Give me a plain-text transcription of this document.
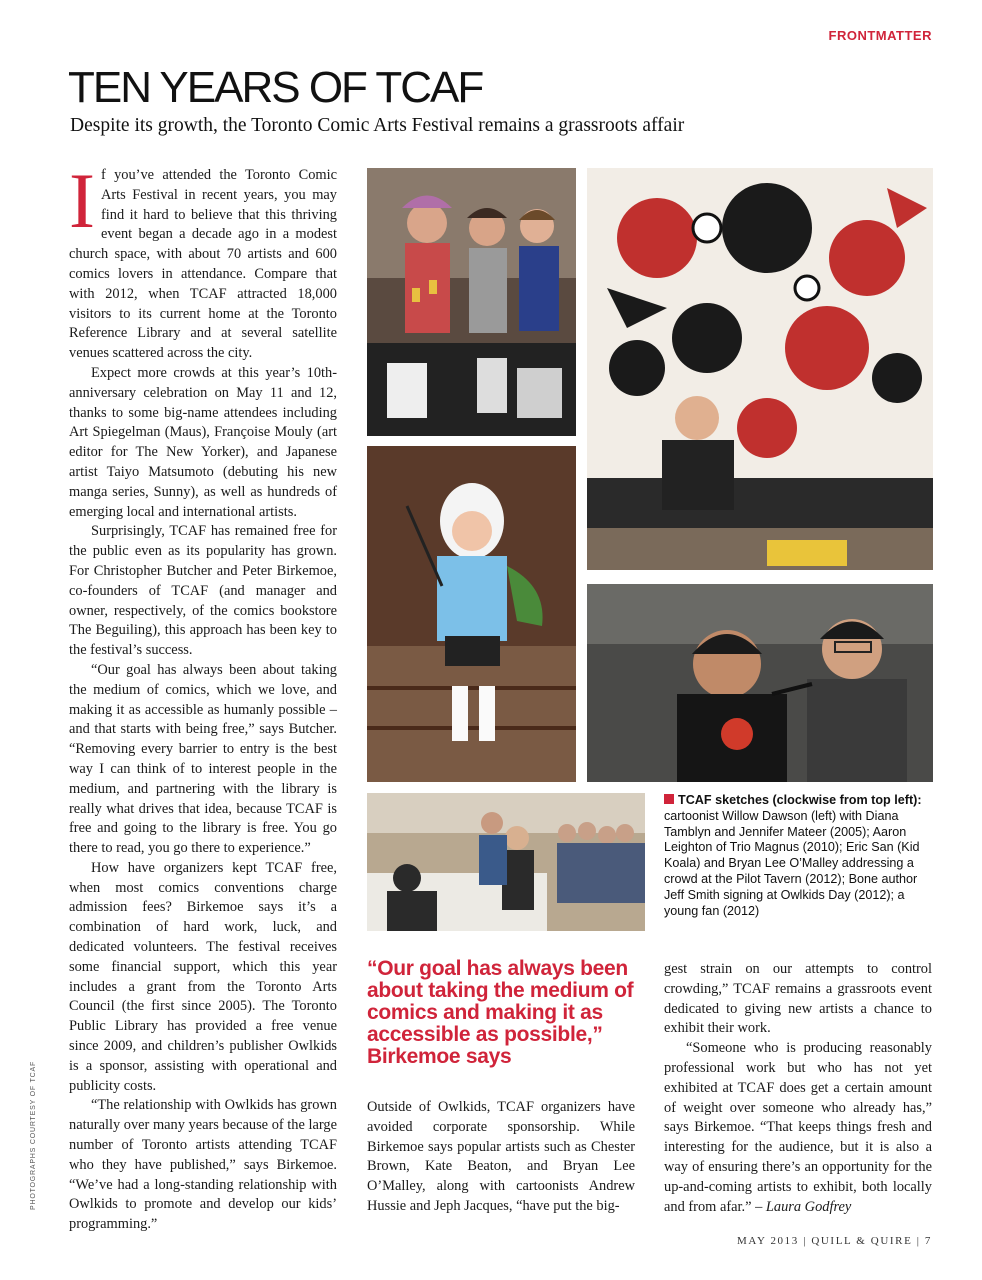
FRONTMATTER
TEN YEARS OF TCAF

Despite its growth, the Toronto Comic Arts Festival remains a grassroots affair

If you’ve attended the Toronto Comic Arts Festival in recent years, you may find it hard to believe that this thriving event began a decade ago in a modest church space, with about 70 artists and 600 comics lovers in attendance. Compare that with 2012, when TCAF attracted 18,000 visitors to its current home at the Toronto Reference Library and at several satellite venues scattered across the city.

Expect more crowds at this year’s 10th-anniversary celebration on May 11 and 12, thanks to some big-name attendees including Art Spiegelman (Maus), Françoise Mouly (art editor for The New Yorker), and Japanese artist Taiyo Matsumoto (debuting his new manga series, Sunny), as well as hundreds of emerging local and international artists.

Surprisingly, TCAF has remained free for the public even as its popularity has grown. For Christopher Butcher and Peter Birkemoe, co-founders of TCAF (and manager and owner, respectively, of the comics bookstore The Beguiling), this approach has been key to the festival’s success.

“Our goal has always been about taking the medium of comics, which we love, and making it as accessible as humanly possible – and that starts with being free,” says Butcher. “Removing every barrier to entry is the best way I can think of to interest people in the medium, and partnering with the library is really what drives that idea, because TCAF is free and going to the library is free. You go there to read, you go there to experience.”

How have organizers kept TCAF free, when most comics conventions charge admission fees? Birkemoe says it’s a combination of hard work, luck, and dedicated volunteers. The festival receives some financial support, which this year includes a grant from the Toronto Arts Council (the first since 2005). The Toronto Public Library has provided a free venue since 2009, and children’s publisher Owlkids is a sponsor, assisting with operational and publicity costs.

“The relationship with Owlkids has grown naturally over many years because of the large number of Toronto artists attending TCAF who they have published,” says Birkemoe. “We’ve had a long-standing relationship with Owlkids to promote and develop our kids’ programming.”

TCAF sketches (clockwise from top left): cartoonist Willow Dawson (left) with Diana Tamblyn and Jennifer Mateer (2005); Aaron Leighton of Trio Magnus (2010); Eric San (Kid Koala) and Bryan Lee O’Malley addressing a crowd at the Pilot Tavern (2012); Bone author Jeff Smith signing at Owlkids Day (2012); a young fan (2012)

“Our goal has always been about taking the medium of comics and making it as accessible as possible,” Birkemoe says

Outside of Owlkids, TCAF organizers have avoided corporate sponsorship. While Birkemoe says popular artists such as Chester Brown, Kate Beaton, and Bryan Lee O’Malley, along with cartoonists Andrew Hussie and Jeph Jacques, “have put the big-

gest strain on our attempts to control crowding,” TCAF remains a grassroots event dedicated to giving new artists a chance to exhibit their work.

“Someone who is producing reasonably professional work but who has not yet exhibited at TCAF does get a certain amount of weight over someone who already has,” says Birkemoe. “That keeps things fresh and interesting for the audience, but it is also a way of ensuring there’s an opportunity for the up-and-coming artists to exhibit, both locally and from afar.” – Laura Godfrey

PHOTOGRAPHS COURTESY OF TCAF
MAY 2013 | QUILL & QUIRE | 7
